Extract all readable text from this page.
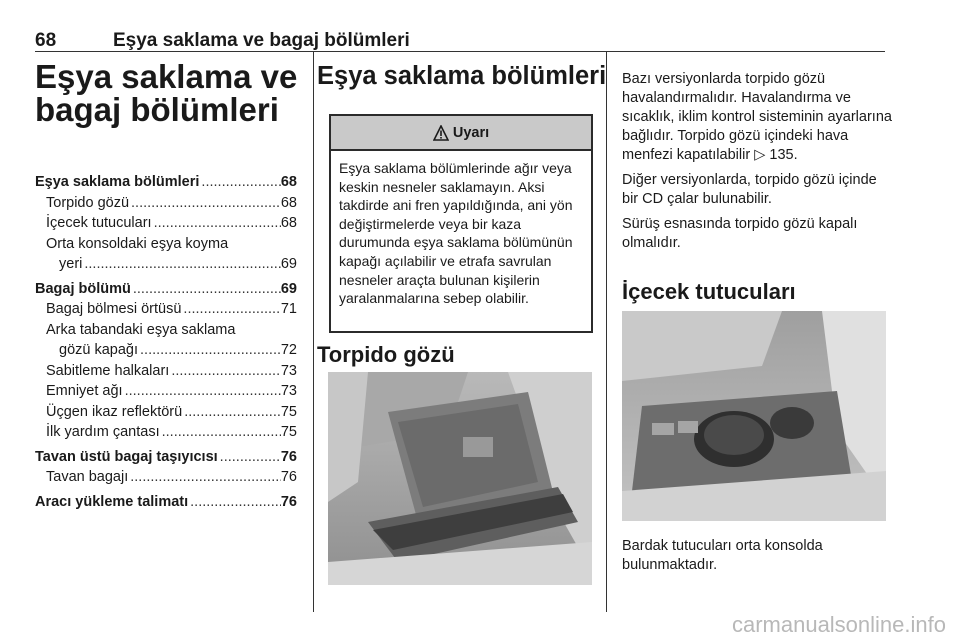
68	Eşya saklama ve bagaj bölümleri
Eşya saklama ve
bagaj bölümleri
Eşya saklama bölümleri .....	68
Torpido gözü .....	68
İçecek tutucuları .....	68
Orta konsoldaki eşya koyma
yeri .....	69
Bagaj bölümü .....	69
Bagaj bölmesi örtüsü .....	71
Arka tabandaki eşya saklama
gözü kapağı .....	72
Sabitleme halkaları .....	73
Emniyet ağı .....	73
Üçgen ikaz reflektörü .....	75
İlk yardım çantası .....	75
Tavan üstü bagaj taşıyıcısı .....	76
Tavan bagajı .....	76
Aracı yükleme talimatı .....	76
Eşya saklama bölümleri
Uyarı
Eşya saklama bölümlerinde ağır veya keskin nesneler saklamayın. Aksi takdirde ani fren yapıldığında, ani yön değiştirmelerde veya bir kaza durumunda eşya saklama bölümünün kapağı açılabilir ve etrafa savrulan nesneler araçta bulunan kişilerin yaralanmalarına sebep olabilir.
Torpido gözü

Bazı versiyonlarda torpido gözü havalandırmalıdır. Havalandırma ve sıcaklık, iklim kontrol sisteminin ayarlarına bağlıdır. Torpido gözü içindeki hava menfezi kapatılabilir ▷ 135.

Diğer versiyonlarda, torpido gözü içinde bir CD çalar bulunabilir.

Sürüş esnasında torpido gözü kapalı olmalıdır.

İçecek tutucuları
Bardak tutucuları orta konsolda bulunmaktadır.
carmanualsonline.info
